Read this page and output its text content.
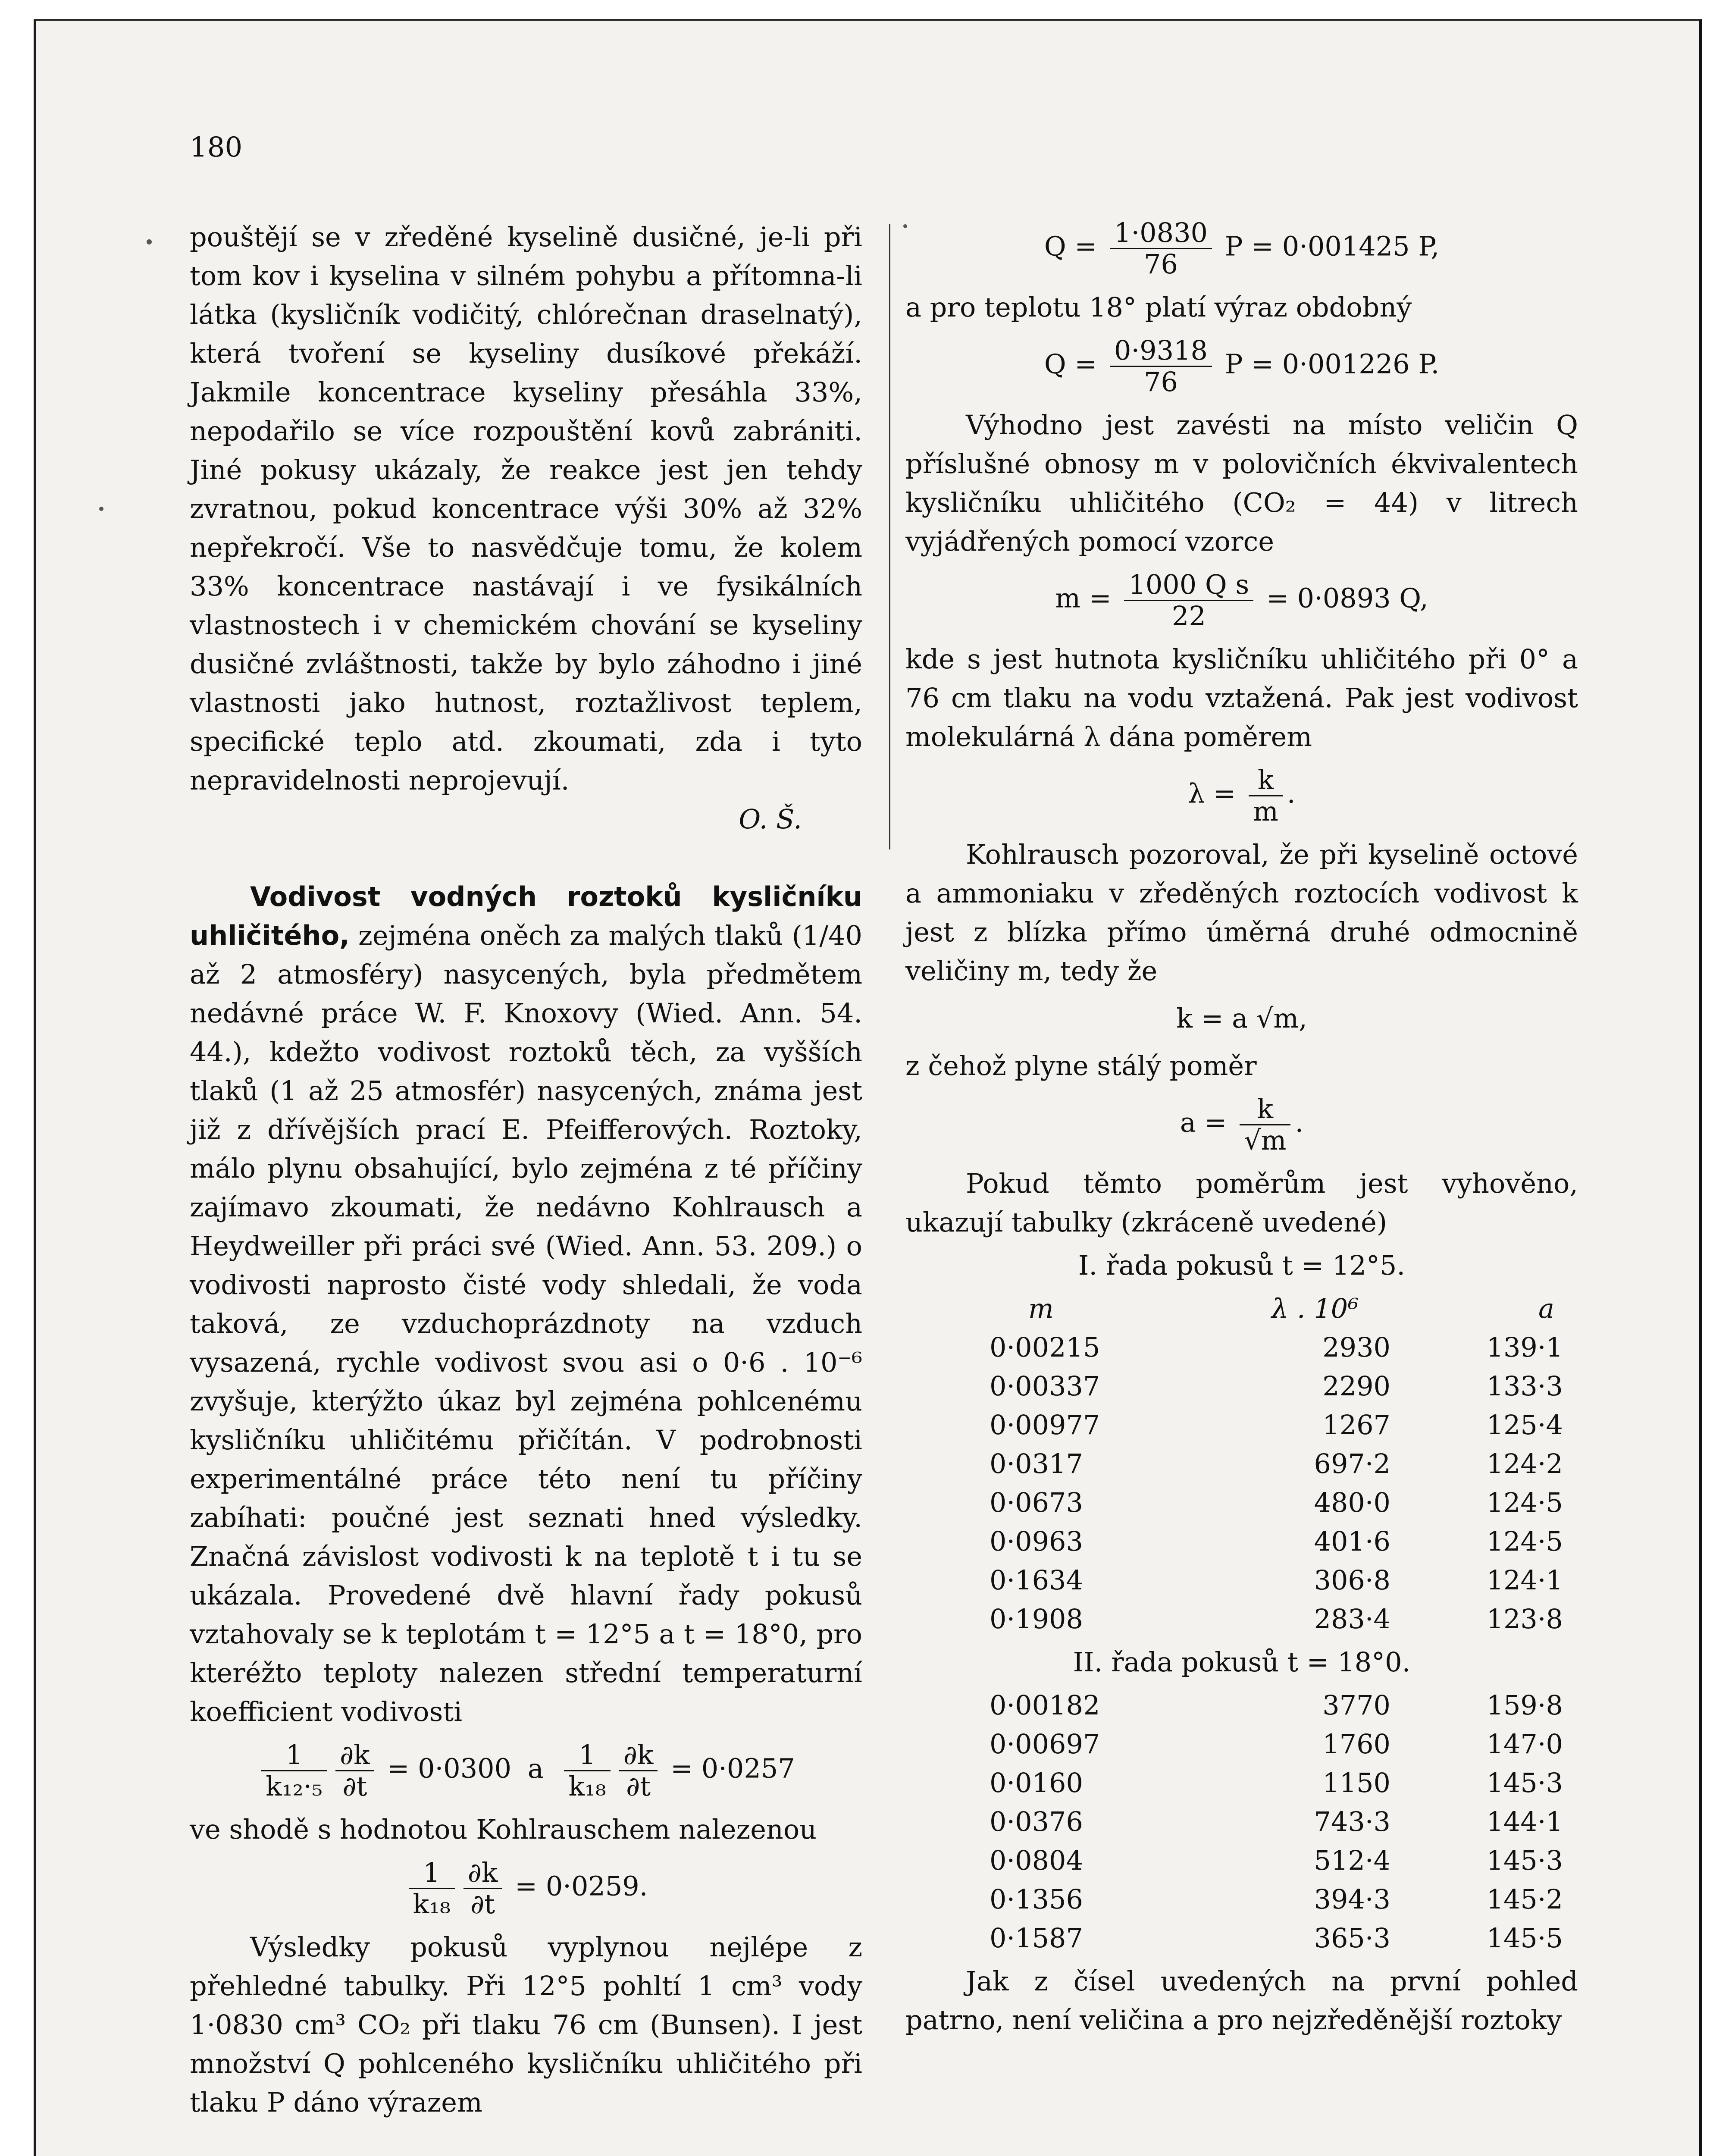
180

pouštějí se v zředěné kyselině dusičné, je-li při tom kov i kyselina v silném pohybu a přítomna-li látka (kysličník vodičitý, chlórečnan draselnatý), která tvoření se kyseliny dusíkové překáží. Jakmile koncentrace kyseliny přesáhla 33%, nepodařilo se více rozpouštění kovů zabrániti. Jiné pokusy ukázaly, že reakce jest jen tehdy zvratnou, pokud koncentrace výši 30% až 32% nepřekročí. Vše to nasvědčuje tomu, že kolem 33% koncentrace nastávají i ve fysikálních vlastnostech i v chemickém chování se kyseliny dusičné zvláštnosti, takže by bylo záhodno i jiné vlastnosti jako hutnost, roztažlivost teplem, specifické teplo atd. zkoumati, zda i tyto nepravidelnosti neprojevují.

O. Š.

Vodivost vodných roztoků kysličníku uhličitého, zejména oněch za malých tlaků (1/40 až 2 atmosféry) nasycených, byla předmětem nedávné práce W. F. Knoxovy (Wied. Ann. 54. 44.), kdežto vodivost roztoků těch, za vyšších tlaků (1 až 25 atmosfér) nasycených, známa jest již z dřívějších prací E. Pfeifferových. Roztoky, málo plynu obsahující, bylo zejména z té příčiny zajímavo zkoumati, že nedávno Kohlrausch a Heydweiller při práci své (Wied. Ann. 53. 209.) o vodivosti naprosto čisté vody shledali, že voda taková, ze vzduchoprázdnoty na vzduch vysazená, rychle vodivost svou asi o 0·6 . 10⁻⁶ zvyšuje, kterýžto úkaz byl zejména pohlcenému kysličníku uhličitému přičítán. V podrobnosti experimentálné práce této není tu příčiny zabíhati: poučné jest seznati hned výsledky. Značná závislost vodivosti k na teplotě t i tu se ukázala. Provedené dvě hlavní řady pokusů vztahovaly se k teplotám t = 12°5 a t = 18°0, pro kteréžto teploty nalezen střední temperaturní koefficient vodivosti

$\frac{1}{\text{k₁₂·₅}} \frac{\partial k}{\partial t} = 0\cdot 0300$ a $\frac{1}{\text{k₁₈}} \frac{\partial k}{\partial t} = 0\cdot 0257$

ve shodě s hodnotou Kohlrauschem nalezenou

$\frac{1}{\text{k₁₈}} \frac{\partial k}{\partial t} = 0\cdot 0259$.

Výsledky pokusů vyplynou nejlépe z přehledné tabulky. Při 12°5 pohltí 1 cm³ vody 1·0830 cm³ CO₂ při tlaku 76 cm (Bunsen). I jest množství Q pohlceného kysličníku uhličitého při tlaku P dáno výrazem

$Q = \frac{1\cdot 0830}{76}$ P = 0·001425 P,

a pro teplotu 18° platí výraz obdobný

$Q = \frac{0\cdot 9318}{76}$ P = 0·001226 P.

Výhodno jest zavésti na místo veličin Q příslušné obnosy m v polovičních ékvivalentech kysličníku uhličitého (CO₂ = 44) v litrech vyjádřených pomocí vzorce

$m = \frac{\text{1000 Q s}}{22} = 0\cdot 0893$ Q,

kde s jest hutnota kysličníku uhličitého při 0° a 76 cm tlaku na vodu vztažená. Pak jest vodivost molekulárná λ dána poměrem

$\lambda = \frac{k}{m}$ .

Kohlrausch pozoroval, že při kyselině octové a ammoniaku v zředěných roztocích vodivost k jest z blízka přímo úměrná druhé odmocnině veličiny m, tedy že

k = a √m,

z čehož plyne stálý poměr

$a = \frac{k}{√m}$ .

Pokud těmto poměrům jest vyhověno, ukazují tabulky (zkráceně uvedené)

I. řada pokusů t = 12°5.
m	λ . 10⁶	a
0·00215	2930	139·1
0·00337	2290	133·3
0·00977	1267	125·4
0·0317	697·2	124·2
0·0673	480·0	124·5
0·0963	401·6	124·5
0·1634	306·8	124·1
0·1908	283·4	123·8
II. řada pokusů t = 18°0.
0·00182	3770	159·8
0·00697	1760	147·0
0·0160	1150	145·3
0·0376	743·3	144·1
0·0804	512·4	145·3
0·1356	394·3	145·2
0·1587	365·3	145·5

Jak z čísel uvedených na první pohled patrno, není veličina a pro nejzředěnější roztoky
